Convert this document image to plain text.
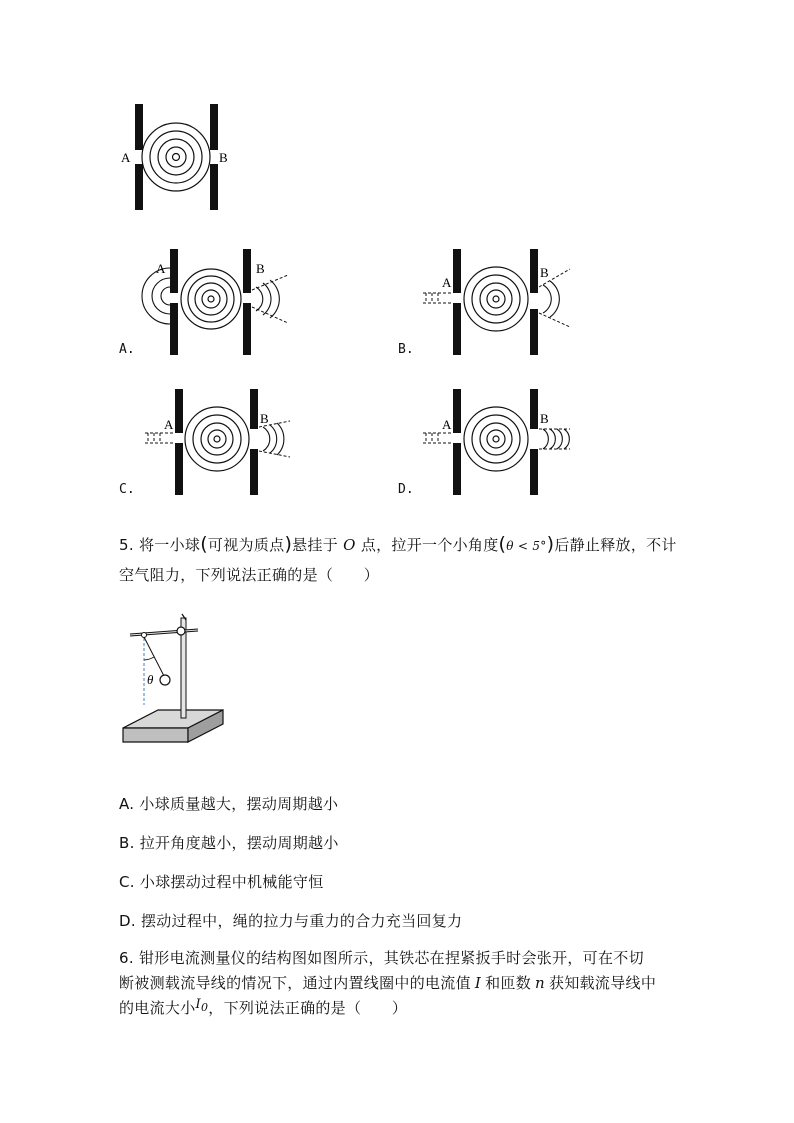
A	B
A	B
A.
A
B
B.
A	B
C.
A	B
D.
5. 将一小球(可视为质点)悬挂于 O 点，拉开一个小角度(θ < 5°)后静止释放，不计
空气阻力，下列说法正确的是（　　）
θ
A. 小球质量越大，摆动周期越小
B. 拉开角度越小，摆动周期越小
C. 小球摆动过程中机械能守恒
D. 摆动过程中，绳的拉力与重力的合力充当回复力
6. 钳形电流测量仪的结构图如图所示，其铁芯在捏紧扳手时会张开，可在不切
断被测载流导线的情况下，通过内置线圈中的电流值 I 和匝数 n 获知载流导线中
的电流大小I0，下列说法正确的是（　　）
